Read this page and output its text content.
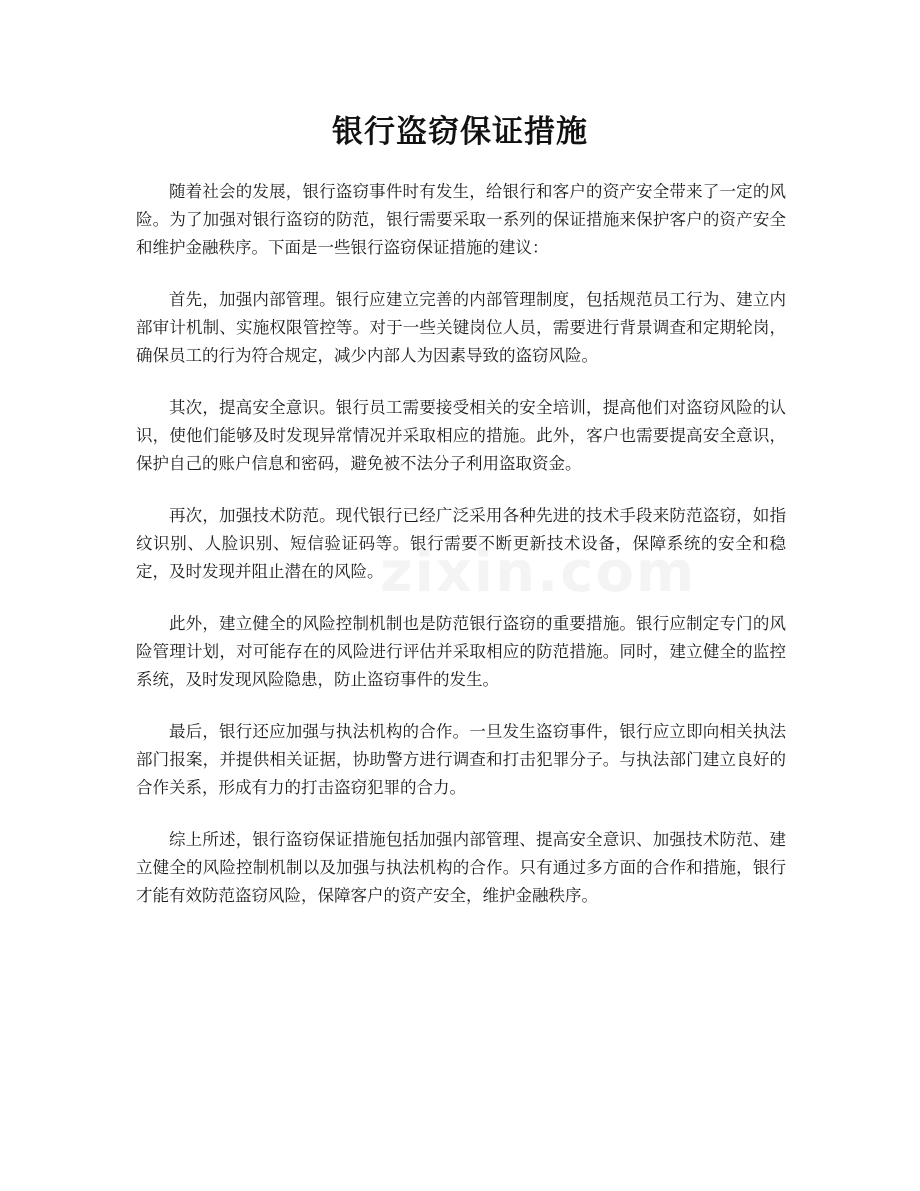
银行盗窃保证措施

随着社会的发展，银行盗窃事件时有发生，给银行和客户的资产安全带来了一定的风险。为了加强对银行盗窃的防范，银行需要采取一系列的保证措施来保护客户的资产安全和维护金融秩序。下面是一些银行盗窃保证措施的建议：

首先，加强内部管理。银行应建立完善的内部管理制度，包括规范员工行为、建立内部审计机制、实施权限管控等。对于一些关键岗位人员，需要进行背景调查和定期轮岗，确保员工的行为符合规定，减少内部人为因素导致的盗窃风险。

其次，提高安全意识。银行员工需要接受相关的安全培训，提高他们对盗窃风险的认识，使他们能够及时发现异常情况并采取相应的措施。此外，客户也需要提高安全意识，保护自己的账户信息和密码，避免被不法分子利用盗取资金。

再次，加强技术防范。现代银行已经广泛采用各种先进的技术手段来防范盗窃，如指纹识别、人脸识别、短信验证码等。银行需要不断更新技术设备，保障系统的安全和稳定，及时发现并阻止潜在的风险。

此外，建立健全的风险控制机制也是防范银行盗窃的重要措施。银行应制定专门的风险管理计划，对可能存在的风险进行评估并采取相应的防范措施。同时，建立健全的监控系统，及时发现风险隐患，防止盗窃事件的发生。

最后，银行还应加强与执法机构的合作。一旦发生盗窃事件，银行应立即向相关执法部门报案，并提供相关证据，协助警方进行调查和打击犯罪分子。与执法部门建立良好的合作关系，形成有力的打击盗窃犯罪的合力。

综上所述，银行盗窃保证措施包括加强内部管理、提高安全意识、加强技术防范、建立健全的风险控制机制以及加强与执法机构的合作。只有通过多方面的合作和措施，银行才能有效防范盗窃风险，保障客户的资产安全，维护金融秩序。
